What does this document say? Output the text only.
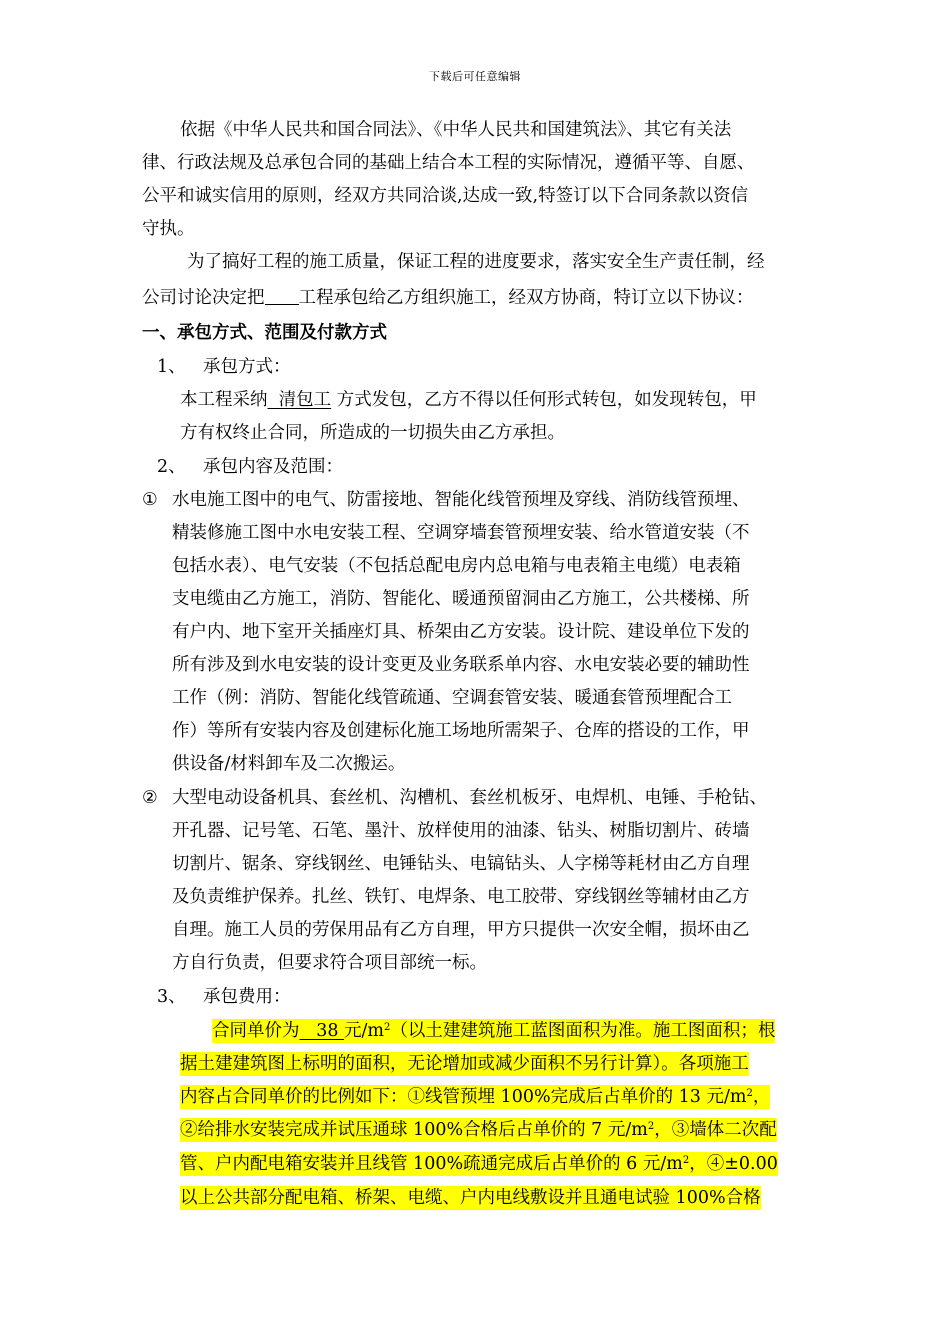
下载后可任意编辑
依据《中华人民共和国合同法》、《中华人民共和国建筑法》、其它有关法
律、行政法规及总承包合同的基础上结合本工程的实际情况，遵循平等、自愿、
公平和诚实信用的原则，经双方共同洽谈,达成一致,特签订以下合同条款以资信
守执。
为了搞好工程的施工质量，保证工程的进度要求，落实安全生产责任制，经
公司讨论决定把 工程承包给乙方组织施工，经双方协商，特订立以下协议：
一、承包方式、范围及付款方式
1、 承包方式：
本工程采纳  清包工 方式发包，乙方不得以任何形式转包，如发现转包，甲
方有权终止合同，所造成的一切损失由乙方承担。
2、 承包内容及范围：
① 水电施工图中的电气、防雷接地、智能化线管预埋及穿线、消防线管预埋、
精装修施工图中水电安装工程、空调穿墙套管预埋安装、给水管道安装（不
包括水表）、电气安装（不包括总配电房内总电箱与电表箱主电缆）电表箱
支电缆由乙方施工，消防、智能化、暖通预留洞由乙方施工，公共楼梯、所
有户内、地下室开关插座灯具、桥架由乙方安装。设计院、建设单位下发的
所有涉及到水电安装的设计变更及业务联系单内容、水电安装必要的辅助性
工作（例：消防、智能化线管疏通、空调套管安装、暖通套管预埋配合工
作）等所有安装内容及创建标化施工场地所需架子、仓库的搭设的工作，甲
供设备/材料卸车及二次搬运。
② 大型电动设备机具、套丝机、沟槽机、套丝机板牙、电焊机、电锤、手枪钻、
开孔器、记号笔、石笔、墨汁、放样使用的油漆、钻头、树脂切割片、砖墙
切割片、锯条、穿线钢丝、电锤钻头、电镐钻头、人字梯等耗材由乙方自理
及负责维护保养。扎丝、铁钉、电焊条、电工胶带、穿线钢丝等辅材由乙方
自理。施工人员的劳保用品有乙方自理，甲方只提供一次安全帽，损坏由乙
方自行负责，但要求符合项目部统一标。
3、 承包费用：
合同单价为   38 元$/m^2$（以土建建筑施工蓝图面积为准。施工图面积；根
据土建建筑图上标明的面积，无论增加或减少面积不另行计算）。各项施工
内容占合同单价的比例如下：①线管预埋 100%完成后占单价的 13 元$/m^2$，
②给排水安装完成并试压通球 100%合格后占单价的 7 元$/m^2$，③墙体二次配
管、户内配电箱安装并且线管 100%疏通完成后占单价的 6 元$/m^2$，④±0.00
以上公共部分配电箱、桥架、电缆、户内电线敷设并且通电试验 100%合格
